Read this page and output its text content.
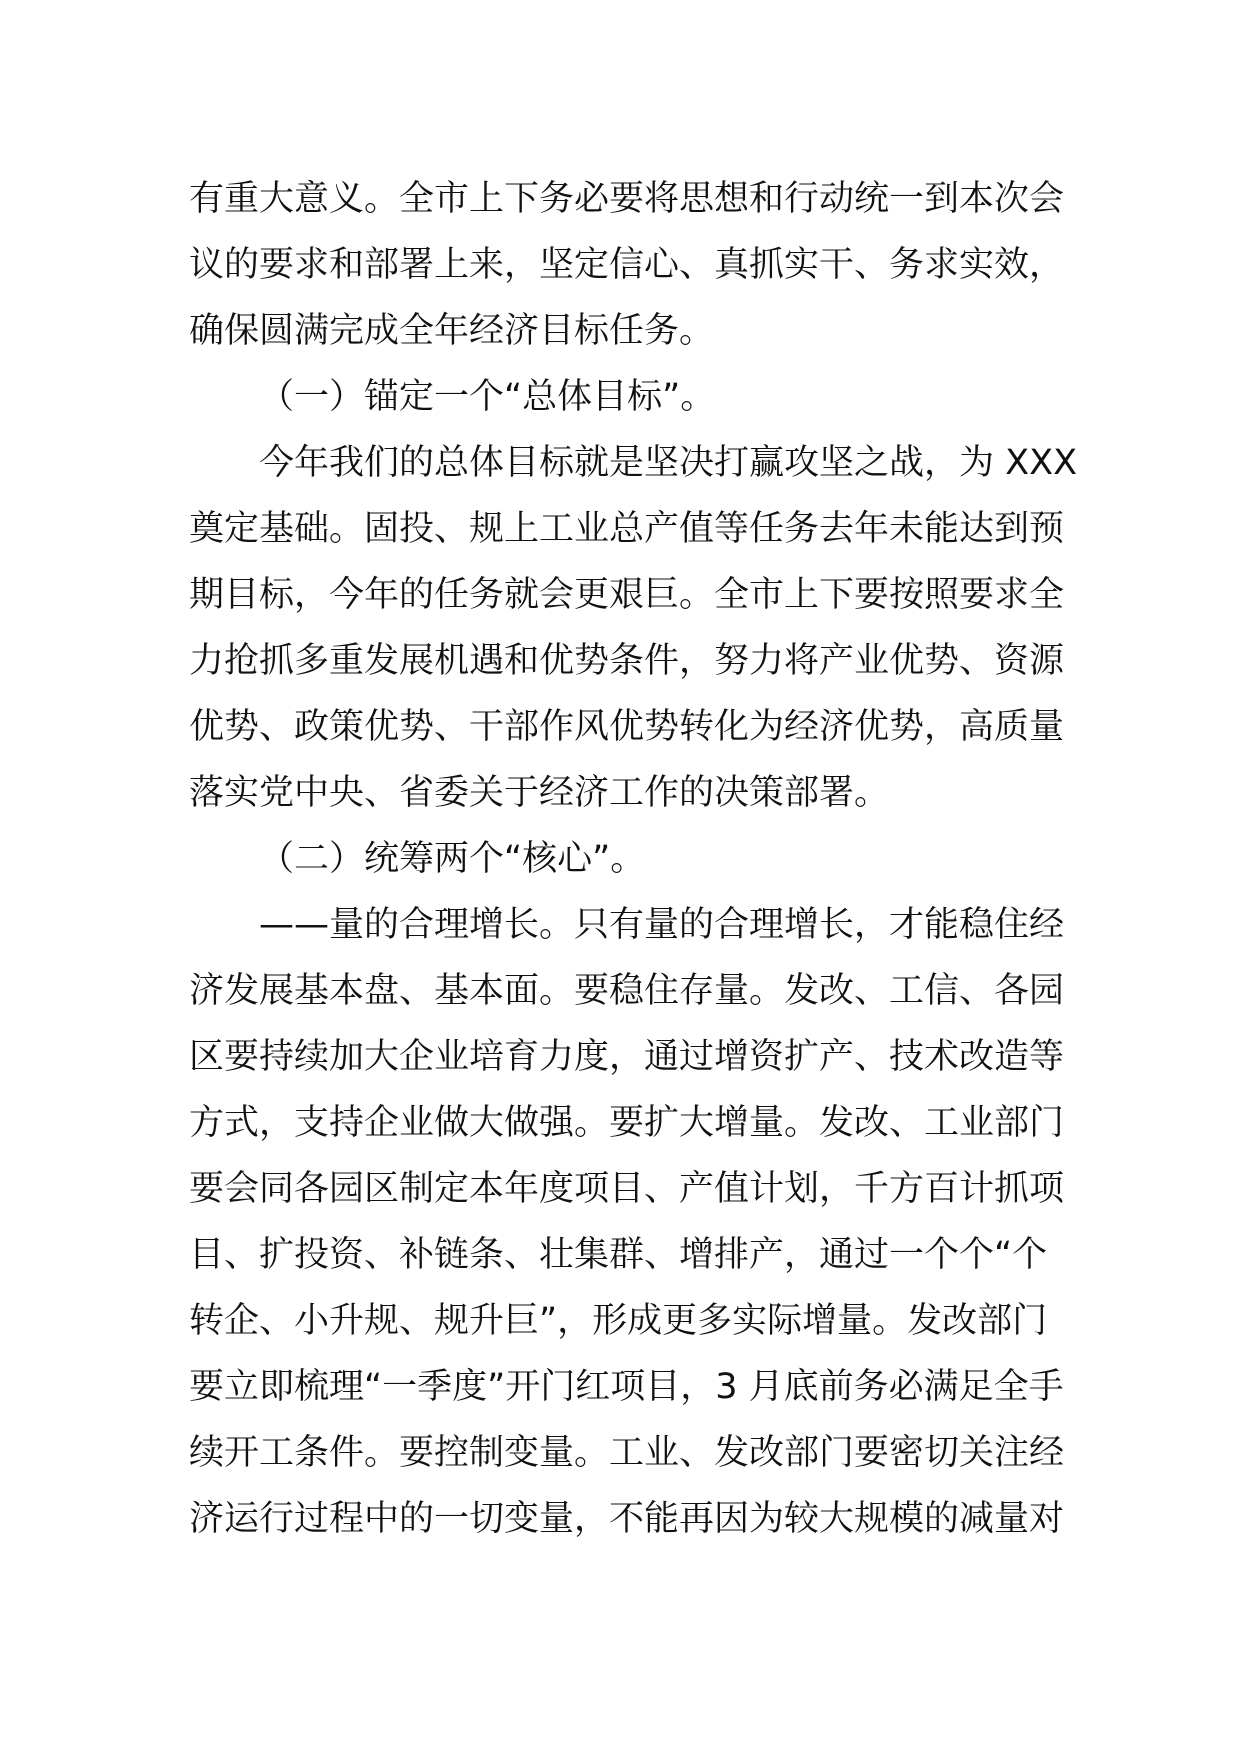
有重大意义。全市上下务必要将思想和行动统一到本次会
议的要求和部署上来，坚定信心、真抓实干、务求实效，
确保圆满完成全年经济目标任务。

（一）锚定一个“总体目标”。

今年我们的总体目标就是坚决打赢攻坚之战，为 XXX
奠定基础。固投、规上工业总产值等任务去年未能达到预
期目标，今年的任务就会更艰巨。全市上下要按照要求全
力抢抓多重发展机遇和优势条件，努力将产业优势、资源
优势、政策优势、干部作风优势转化为经济优势，高质量
落实党中央、省委关于经济工作的决策部署。

（二）统筹两个“核心”。

——量的合理增长。只有量的合理增长，才能稳住经
济发展基本盘、基本面。要稳住存量。发改、工信、各园
区要持续加大企业培育力度，通过增资扩产、技术改造等
方式，支持企业做大做强。要扩大增量。发改、工业部门
要会同各园区制定本年度项目、产值计划，千方百计抓项
目、扩投资、补链条、壮集群、增排产，通过一个个“个
转企、小升规、规升巨”，形成更多实际增量。发改部门
要立即梳理“一季度”开门红项目，3 月底前务必满足全手
续开工条件。要控制变量。工业、发改部门要密切关注经
济运行过程中的一切变量，不能再因为较大规模的减量对
